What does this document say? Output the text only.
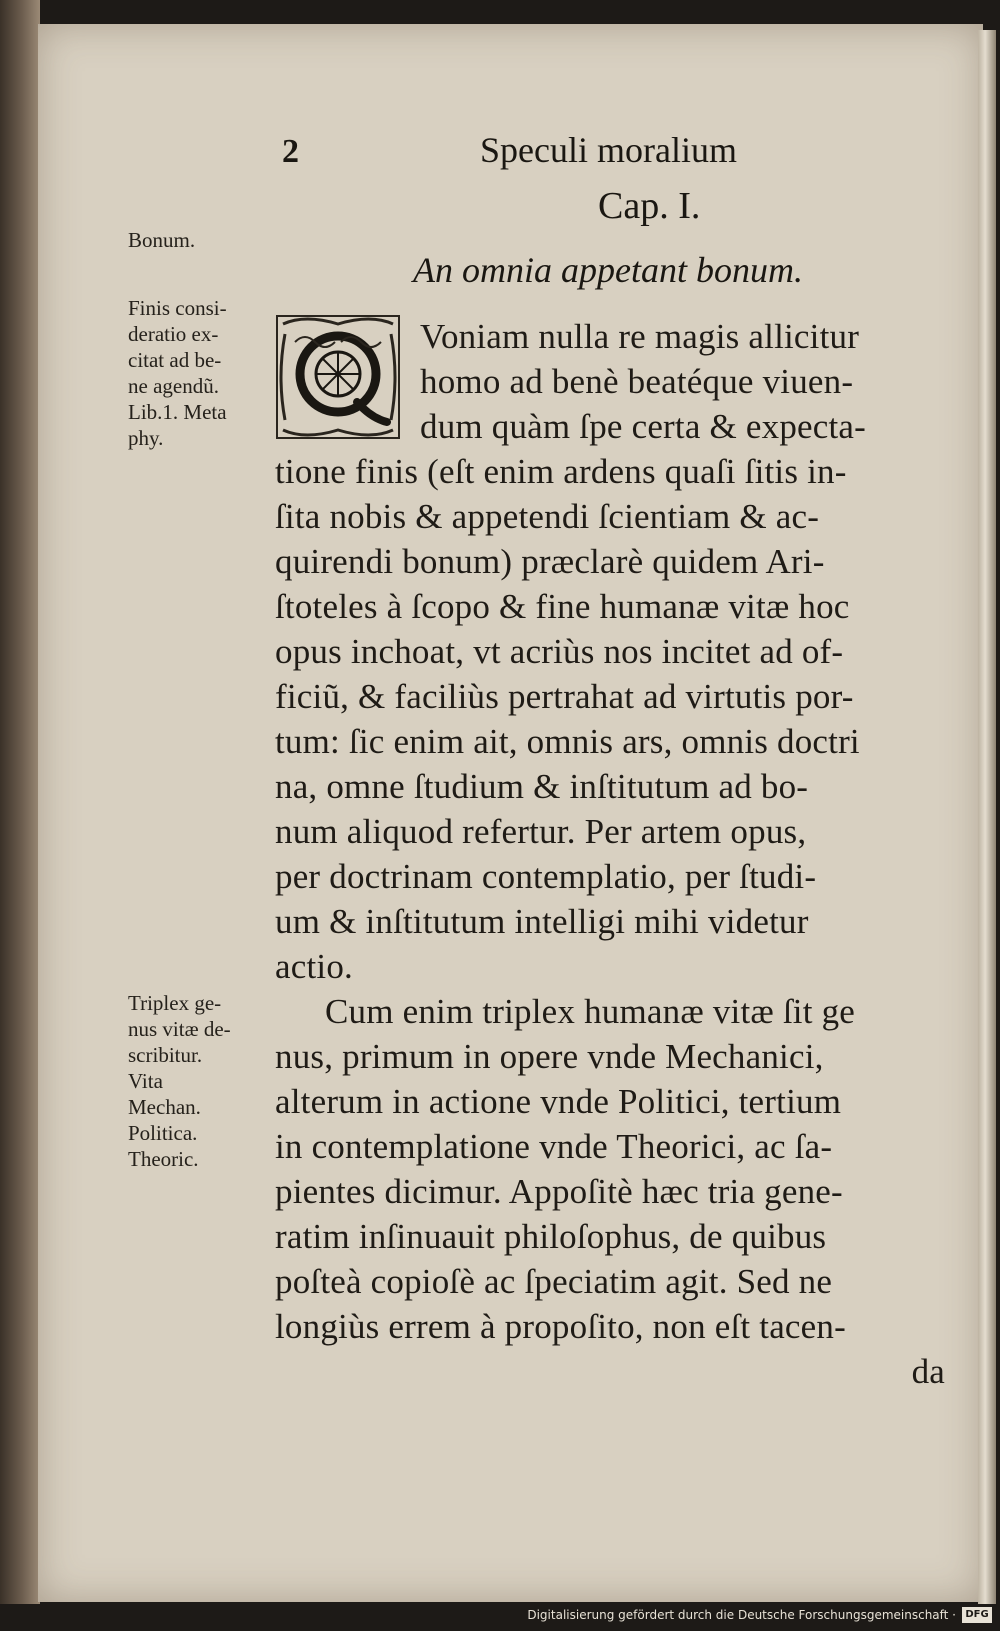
2	Speculi moralium
Cap. I.
An omnia appetant bonum.
Bonum.
Finis consi-
deratio ex-
citat ad be-
ne agendũ.
Lib.1. Meta
phy.
Triplex ge-
nus vitæ de-
scribitur.
Vita
Mechan.
Politica.
Theoric.
Voniam nulla re magis allicitur
homo ad benè beatéque viuen-
dum quàm ſpe certa & expecta-
tione finis (eſt enim ardens quaſi ſitis in-
ſita nobis & appetendi ſcientiam & ac-
quirendi bonum) præclarè quidem Ari-
ſtoteles à ſcopo & fine humanæ vitæ hoc
opus inchoat, vt acriùs nos incitet ad of-
ficiũ, & faciliùs pertrahat ad virtutis por-
tum: ſic enim ait, omnis ars, omnis doctri
na, omne ſtudium & inſtitutum ad bo-
num aliquod refertur. Per artem opus,
per doctrinam contemplatio, per ſtudi-
um & inſtitutum intelligi mihi videtur
actio.
Cum enim triplex humanæ vitæ ſit ge
nus, primum in opere vnde Mechanici,
alterum in actione vnde Politici, tertium
in contemplatione vnde Theorici, ac ſa-
pientes dicimur. Appoſitè hæc tria gene-
ratim inſinuauit philoſophus, de quibus
poſteà copioſè ac ſpeciatim agit. Sed ne
longiùs errem à propoſito, non eſt tacen-
da
Digitalisierung gefördert durch die Deutsche Forschungsgemeinschaft · DFG
